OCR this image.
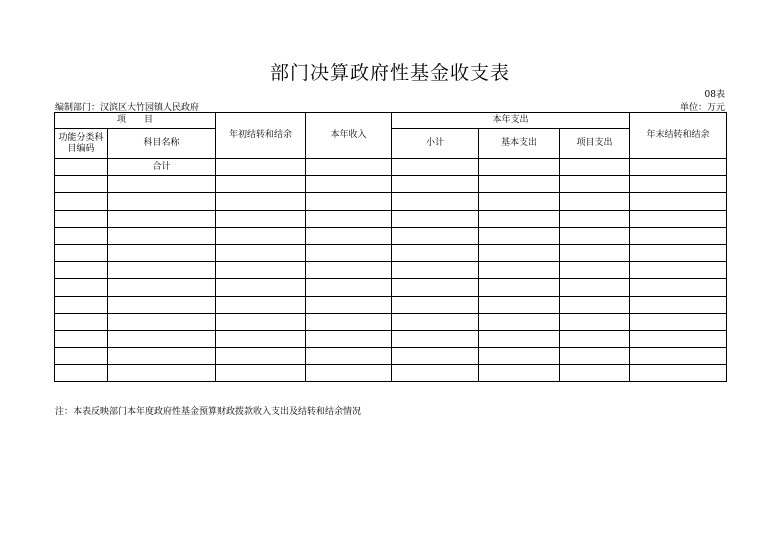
部门决算政府性基金收支表
08表
编制部门：汉滨区大竹园镇人民政府	单位：万元
项　　目		年初结转和结余	本年收入	本年支出			年末结转和结余
功能分类科目编码	科目名称			小计	基本支出	项目支出	
	合计						

注：本表反映部门本年度政府性基金预算财政拨款收入支出及结转和结余情况
